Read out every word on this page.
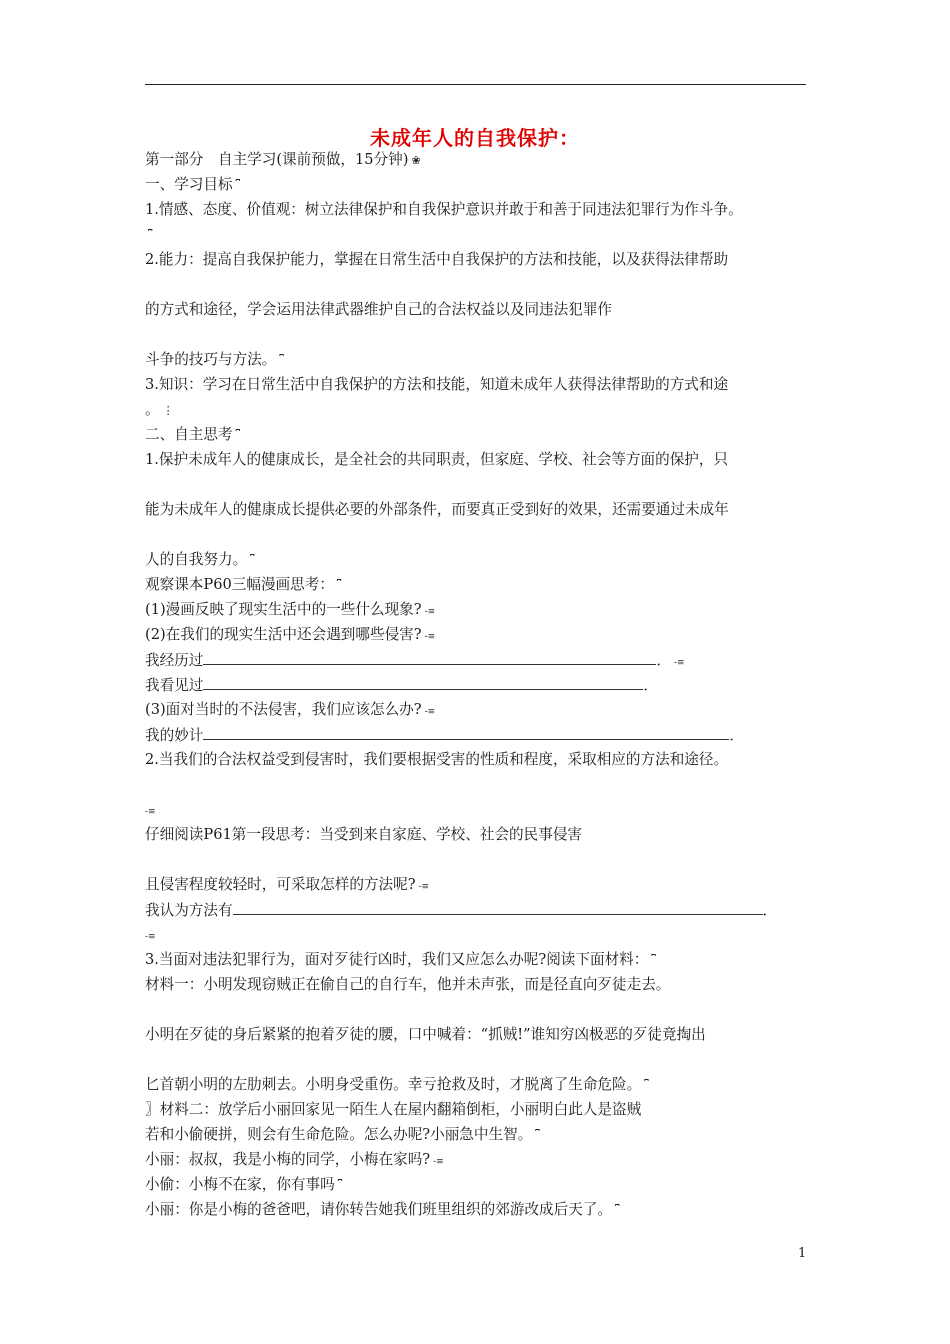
未成年人的自我保护：
第一部分　自主学习(课前预做，15分钟)❀
一、学习目标⎴
1.情感、态度、价值观：树立法律保护和自我保护意识并敢于和善于同违法犯罪行为作斗争。
⎴
2.能力：提高自我保护能力，掌握在日常生活中自我保护的方法和技能，以及获得法律帮助
的方式和途径，学会运用法律武器维护自己的合法权益以及同违法犯罪作
斗争的技巧与方法。⎴
3.知识：学习在日常生活中自我保护的方法和技能，知道未成年人获得法律帮助的方式和途
。⋮
二、自主思考⎴
1.保护未成年人的健康成长，是全社会的共同职责，但家庭、学校、社会等方面的保护，只
能为未成年人的健康成长提供必要的外部条件，而要真正受到好的效果，还需要通过未成年
人的自我努力。⎴
观察课本P60三幅漫画思考：⎴
(1)漫画反映了现实生活中的一些什么现象?-≡
(2)在我们的现实生活中还会遇到哪些侵害?-≡
我经历过	．-≡
我看见过	．
(3)面对当时的不法侵害，我们应该怎么办?-≡
我的妙计	．
2.当我们的合法权益受到侵害时，我们要根据受害的性质和程度，采取相应的方法和途径。
-≡
仔细阅读P61第一段思考：当受到来自家庭、学校、社会的民事侵害
且侵害程度较轻时，可采取怎样的方法呢?-≡
我认为方法有	．
-≡
3.当面对违法犯罪行为，面对歹徒行凶时，我们又应怎么办呢?阅读下面材料：⎴
材料一：小明发现窃贼正在偷自己的自行车，他并未声张，而是径直向歹徒走去。
小明在歹徒的身后紧紧的抱着歹徒的腰，口中喊着：“抓贼!”谁知穷凶极恶的歹徒竟掏出
匕首朝小明的左肋刺去。小明身受重伤。幸亏抢救及时，才脱离了生命危险。⎴
〗材料二：放学后小丽回家见一陌生人在屋内翻箱倒柜，小丽明白此人是盗贼
若和小偷硬拼，则会有生命危险。怎么办呢?小丽急中生智。⎴
小丽：叔叔，我是小梅的同学，小梅在家吗?-≡
小偷：小梅不在家，你有事吗⎴
小丽：你是小梅的爸爸吧，请你转告她我们班里组织的郊游改成后天了。⎴
1
